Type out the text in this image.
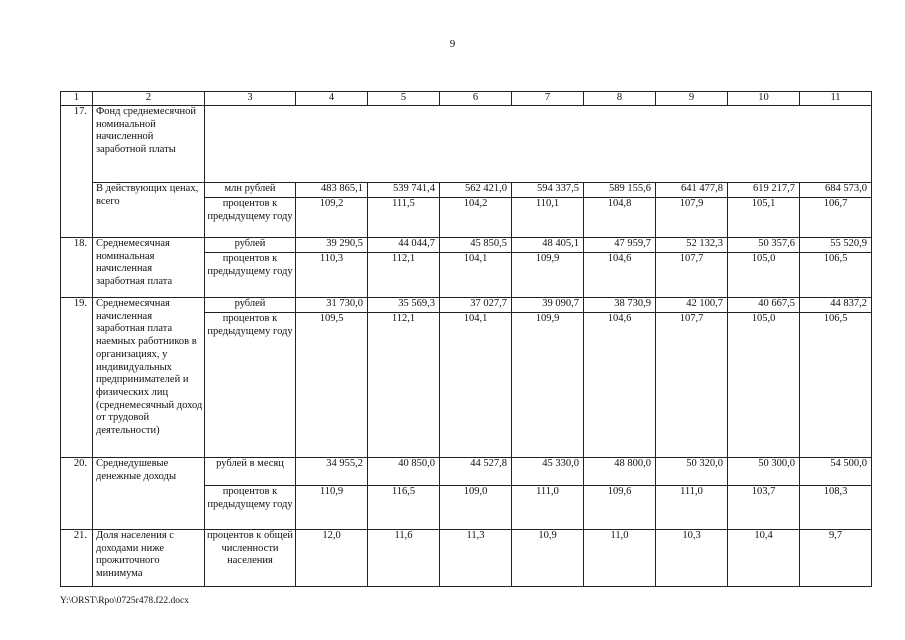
9
1	2	3	4	5	6	7	8	9	10	11
17.	Фонд среднемесячной номинальной начисленной заработной платы									
	В действующих ценах, всего	млн рублей	483 865,1	539 741,4	562 421,0	594 337,5	589 155,6	641 477,8	619 217,7	684 573,0
		процентов к предыдущему году	109,2	111,5	104,2	110,1	104,8	107,9	105,1	106,7
18.	Среднемесячная номинальная начисленная заработная плата	рублей	39 290,5	44 044,7	45 850,5	48 405,1	47 959,7	52 132,3	50 357,6	55 520,9
		процентов к предыдущему году	110,3	112,1	104,1	109,9	104,6	107,7	105,0	106,5
19.	Среднемесячная начисленная заработная плата наемных работников в организациях, у индивидуальных предпринимателей и физических лиц (среднемесячный доход от трудовой деятельности)	рублей	31 730,0	35 569,3	37 027,7	39 090,7	38 730,9	42 100,7	40 667,5	44 837,2
		процентов к предыдущему году	109,5	112,1	104,1	109,9	104,6	107,7	105,0	106,5
20.	Среднедушевые денежные доходы	рублей в месяц	34 955,2	40 850,0	44 527,8	45 330,0	48 800,0	50 320,0	50 300,0	54 500,0
		процентов к предыдущему году	110,9	116,5	109,0	111,0	109,6	111,0	103,7	108,3
21.	Доля населения с доходами ниже прожиточного минимума	процентов к общей численности населения	12,0	11,6	11,3	10,9	11,0	10,3	10,4	9,7
Y:\ORST\Rpo\0725r478.f22.docx
